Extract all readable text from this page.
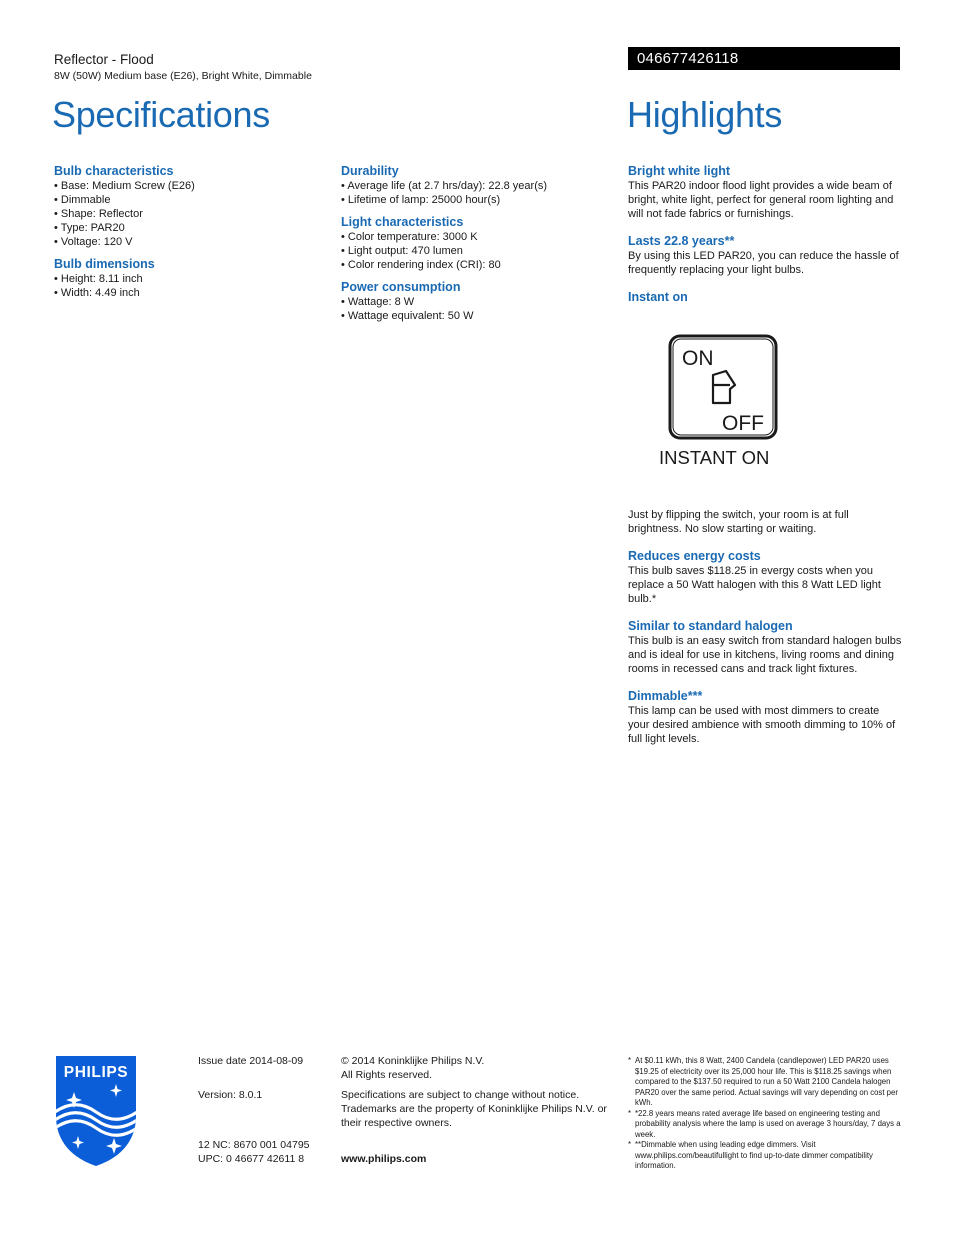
Reflector - Flood
8W (50W) Medium base (E26), Bright White, Dimmable
046677426118
Specifications	Highlights
Bulb characteristics
• Base: Medium Screw (E26)
• Dimmable
• Shape: Reflector
• Type: PAR20
• Voltage: 120 V
Bulb dimensions
• Height: 8.11 inch
• Width: 4.49 inch
Durability
• Average life (at 2.7 hrs/day): 22.8 year(s)
• Lifetime of lamp: 25000 hour(s)
Light characteristics
• Color temperature: 3000 K
• Light output: 470 lumen
• Color rendering index (CRI): 80
Power consumption
• Wattage: 8 W
• Wattage equivalent: 50 W
Bright white light

This PAR20 indoor flood light provides a wide beam of bright, white light, perfect for general room lighting and will not fade fabrics or furnishings.

Lasts 22.8 years**

By using this LED PAR20, you can reduce the hassle of frequently replacing your light bulbs.

Instant on
ON
OFF
INSTANT ON

Just by flipping the switch, your room is at full brightness. No slow starting or waiting.

Reduces energy costs

This bulb saves $118.25 in evergy costs when you replace a 50 Watt halogen with this 8 Watt LED light bulb.*

Similar to standard halogen

This bulb is an easy switch from standard halogen bulbs and is ideal for use in kitchens, living rooms and dining rooms in recessed cans and track light fixtures.

Dimmable***

This lamp can be used with most dimmers to create your desired ambience with smooth dimming to 10% of full light levels.

PHILIPS
Issue date 2014-08-09
Version: 8.0.1
12 NC: 8670 001 04795
UPC: 0 46677 42611 8
© 2014 Koninklijke Philips N.V.
All Rights reserved.
Specifications are subject to change without notice. Trademarks are the property of Koninklijke Philips N.V. or their respective owners.
www.philips.com
* At $0.11 kWh, this 8 Watt, 2400 Candela (candlepower) LED PAR20 uses $19.25 of electricity over its 25,000 hour life. This is $118.25 savings when compared to the $137.50 required to run a 50 Watt 2100 Candela halogen PAR20 over the same period. Actual savings will vary depending on cost per kWh.
* *22.8 years means rated average life based on engineering testing and probability analysis where the lamp is used on average 3 hours/day, 7 days a week.
* **Dimmable when using leading edge dimmers. Visit www.philips.com/beautifullight to find up-to-date dimmer compatibility information.
